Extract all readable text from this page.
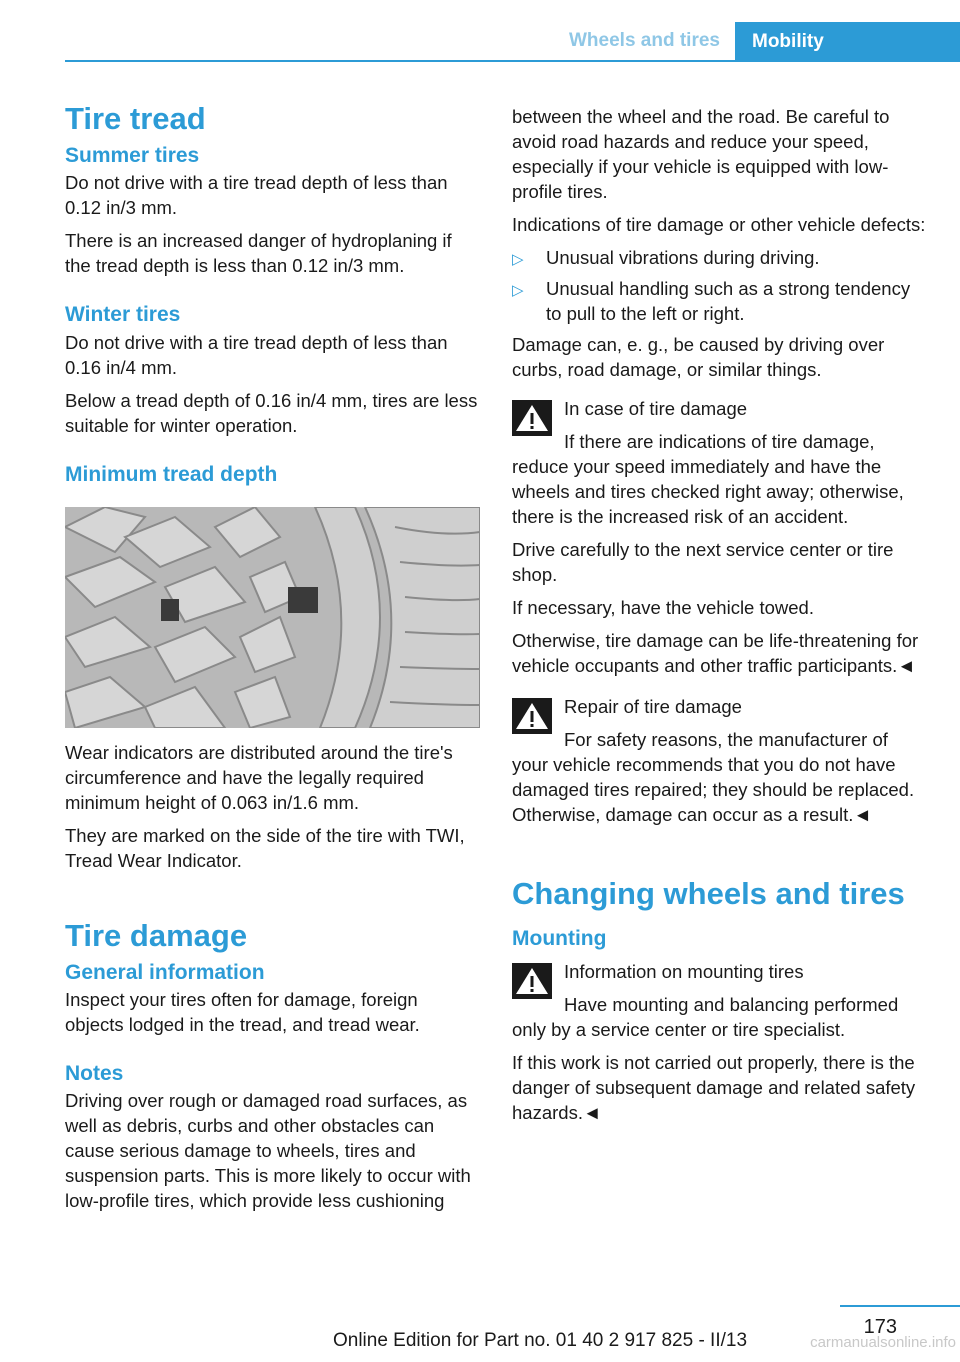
Wheels and tires	Mobility
Tire tread
Summer tires

Do not drive with a tire tread depth of less than 0.12 in/3 mm.

There is an increased danger of hydroplaning if the tread depth is less than 0.12 in/3 mm.

Winter tires

Do not drive with a tire tread depth of less than 0.16 in/4 mm.

Below a tread depth of 0.16 in/4 mm, tires are less suitable for winter operation.

Minimum tread depth

Wear indicators are distributed around the tire's circumference and have the legally required minimum height of 0.063 in/1.6 mm.

They are marked on the side of the tire with TWI, Tread Wear Indicator.

Tire damage
General information

Inspect your tires often for damage, foreign objects lodged in the tread, and tread wear.

Notes

Driving over rough or damaged road surfaces, as well as debris, curbs and other obstacles can cause serious damage to wheels, tires and suspension parts. This is more likely to occur with low-profile tires, which provide less cushioning

between the wheel and the road. Be careful to avoid road hazards and reduce your speed, especially if your vehicle is equipped with low-profile tires.

Indications of tire damage or other vehicle defects:

▷ Unusual vibrations during driving.
▷ Unusual handling such as a strong tendency to pull to the left or right.

Damage can, e. g., be caused by driving over curbs, road damage, or similar things.

In case of tire damage

If there are indications of tire damage, reduce your speed immediately and have the wheels and tires checked right away; otherwise, there is the increased risk of an accident.

Drive carefully to the next service center or tire shop.

If necessary, have the vehicle towed.

Otherwise, tire damage can be life-threatening for vehicle occupants and other traffic participants.◄

Repair of tire damage

For safety reasons, the manufacturer of your vehicle recommends that you do not have damaged tires repaired; they should be replaced. Otherwise, damage can occur as a result.◄

Changing wheels and tires
Mounting

Information on mounting tires

Have mounting and balancing performed only by a service center or tire specialist.

If this work is not carried out properly, there is the danger of subsequent damage and related safety hazards.◄

173
Online Edition for Part no. 01 40 2 917 825 - II/13	carmanualsonline.info
